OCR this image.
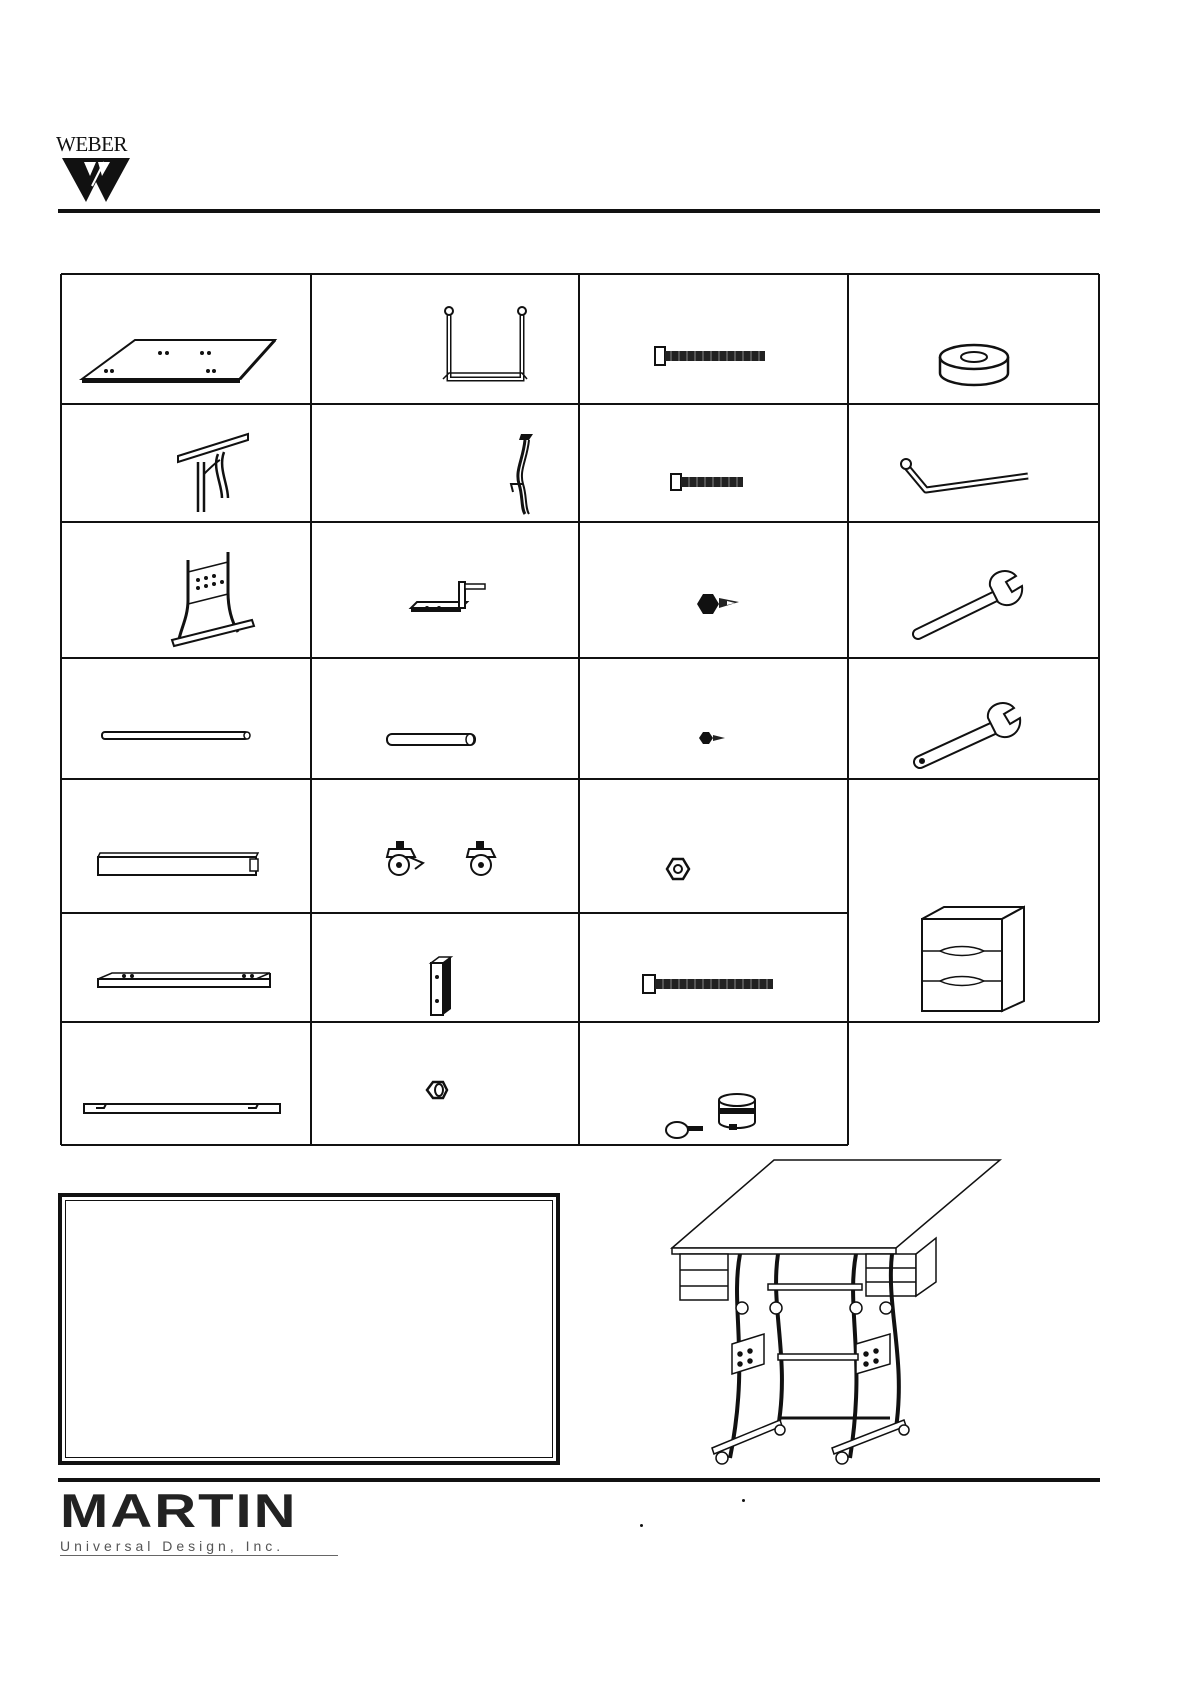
WEBER
MARTIN
Universal Design, Inc.
